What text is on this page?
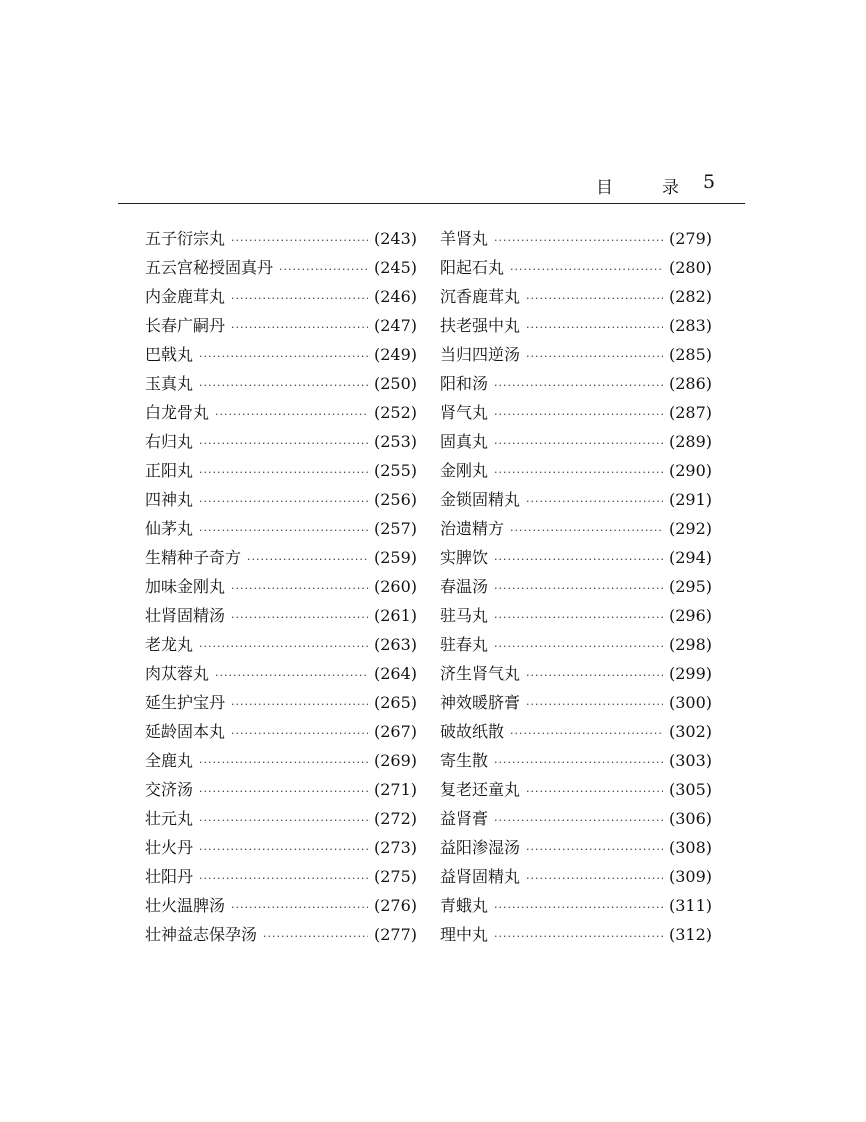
目	录 5
五子衍宗丸 ·····	(243)
五云宫秘授固真丹 ·····	(245)
内金鹿茸丸 ·····	(246)
长春广嗣丹 ·····	(247)
巴戟丸 ·····	(249)
玉真丸 ·····	(250)
白龙骨丸 ·····	(252)
右归丸 ·····	(253)
正阳丸 ·····	(255)
四神丸 ·····	(256)
仙茅丸 ·····	(257)
生精种子奇方 ·····	(259)
加味金刚丸 ·····	(260)
壮肾固精汤 ·····	(261)
老龙丸 ·····	(263)
肉苁蓉丸 ·····	(264)
延生护宝丹 ·····	(265)
延龄固本丸 ·····	(267)
全鹿丸 ·····	(269)
交济汤 ·····	(271)
壮元丸 ·····	(272)
壮火丹 ·····	(273)
壮阳丹 ·····	(275)
壮火温脾汤 ·····	(276)
壮神益志保孕汤 ·····	(277)
羊肾丸 ·····	(279)
阳起石丸 ·····	(280)
沉香鹿茸丸 ·····	(282)
扶老强中丸 ·····	(283)
当归四逆汤 ·····	(285)
阳和汤 ·····	(286)
肾气丸 ·····	(287)
固真丸 ·····	(289)
金刚丸 ·····	(290)
金锁固精丸 ·····	(291)
治遗精方 ·····	(292)
实脾饮 ·····	(294)
春温汤 ·····	(295)
驻马丸 ·····	(296)
驻春丸 ·····	(298)
济生肾气丸 ·····	(299)
神效暖脐膏 ·····	(300)
破故纸散 ·····	(302)
寄生散 ·····	(303)
复老还童丸 ·····	(305)
益肾膏 ·····	(306)
益阳渗湿汤 ·····	(308)
益肾固精丸 ·····	(309)
青蛾丸 ·····	(311)
理中丸 ·····	(312)
